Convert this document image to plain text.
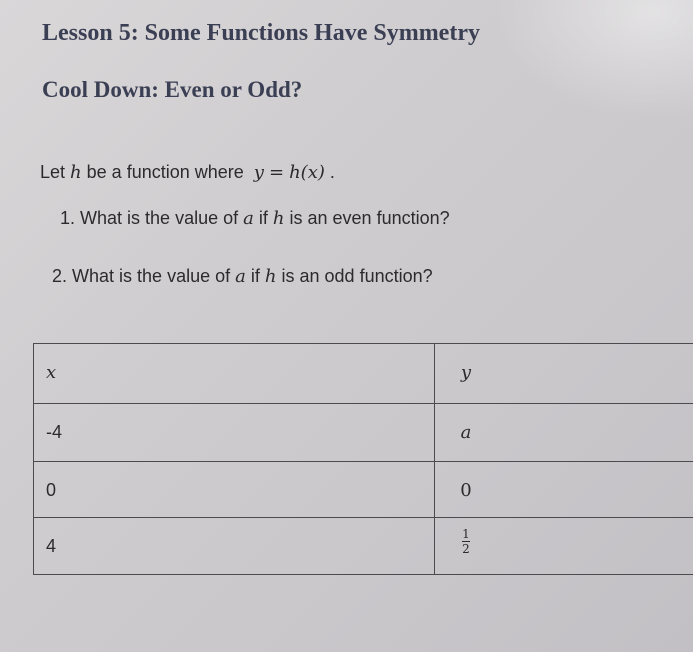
Lesson 5: Some Functions Have Symmetry
Cool Down: Even or Odd?
Let h be a function where y = h(x) .
1. What is the value of a if h is an even function?
2. What is the value of a if h is an odd function?
x	y
-4	a
0	0
4	$\frac{1}{2}$
